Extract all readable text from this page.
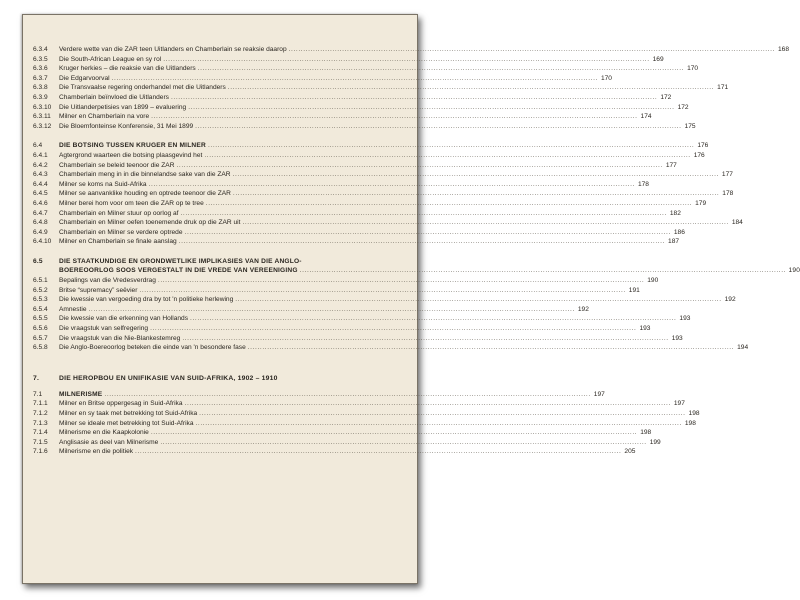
6.3.4	Verdere wette van die ZAR teen Uitlanders en Chamberlain se reaksie daarop .....	168
6.3.5	Die South-African League en sy rol .....	169
6.3.6	Kruger herkies – die reaksie van die Uitlanders .....	170
6.3.7	Die Edgarvoorval .....	170
6.3.8	Die Transvaalse regering onderhandel met die Uitlanders .....	171
6.3.9	Chamberlain beïnvloed die Uitlanders .....	172
6.3.10	Die Uitlanderpetisies van 1899 – evaluering .....	172
6.3.11	Milner en Chamberlain na vore .....	174
6.3.12	Die Bloemfonteinse Konferensie, 31 Mei 1899 .....	175
6.4	DIE BOTSING TUSSEN KRUGER EN MILNER .....	176
6.4.1	Agtergrond waarteen die botsing plaasgevind het .....	176
6.4.2	Chamberlain se beleid teenoor die ZAR .....	177
6.4.3	Chamberlain meng in in die binnelandse sake van die ZAR .....	177
6.4.4	Milner se koms na Suid-Afrika .....	178
6.4.5	Milner se aanvanklike houding en optrede teenoor die ZAR .....	178
6.4.6	Milner berei hom voor om teen die ZAR op te tree .....	179
6.4.7	Chamberlain en Milner stuur op oorlog af .....	182
6.4.8	Chamberlain en Milner oefen toenemende druk op die ZAR uit .....	184
6.4.9	Chamberlain en Milner se verdere optrede .....	186
6.4.10	Milner en Chamberlain se finale aanslag .....	187
6.5	DIE STAATKUNDIGE EN GRONDWETLIKE IMPLIKASIES VAN DIE ANGLO-
BOEREOORLOG SOOS VERGESTALT IN DIE VREDE VAN VEREENIGING .....	190
6.5.1	Bepalings van die Vredesverdrag .....	190
6.5.2	Britse “supremacy” seëvier .....	191
6.5.3	Die kwessie van vergoeding dra by tot 'n politieke herlewing .....	192
6.5.4	Amnestie .....	192
6.5.5	Die kwessie van die erkenning van Hollands .....	193
6.5.6	Die vraagstuk van selfregering .....	193
6.5.7	Die vraagstuk van die Nie-Blankestemreg .....	193
6.5.8	Die Anglo-Boereoorlog beteken die einde van 'n besondere fase .....	194
7.	DIE HEROPBOU EN UNIFIKASIE VAN SUID-AFRIKA, 1902 – 1910
7.1	MILNERISME .....	197
7.1.1	Milner en Britse oppergesag in Suid-Afrika .....	197
7.1.2	Milner en sy taak met betrekking tot Suid-Afrika .....	198
7.1.3	Milner se ideale met betrekking tot Suid-Afrika .....	198
7.1.4	Milnerisme en die Kaapkolonie .....	198
7.1.5	Anglisasie as deel van Milnerisme .....	199
7.1.6	Milnerisme en die politiek .....	205
